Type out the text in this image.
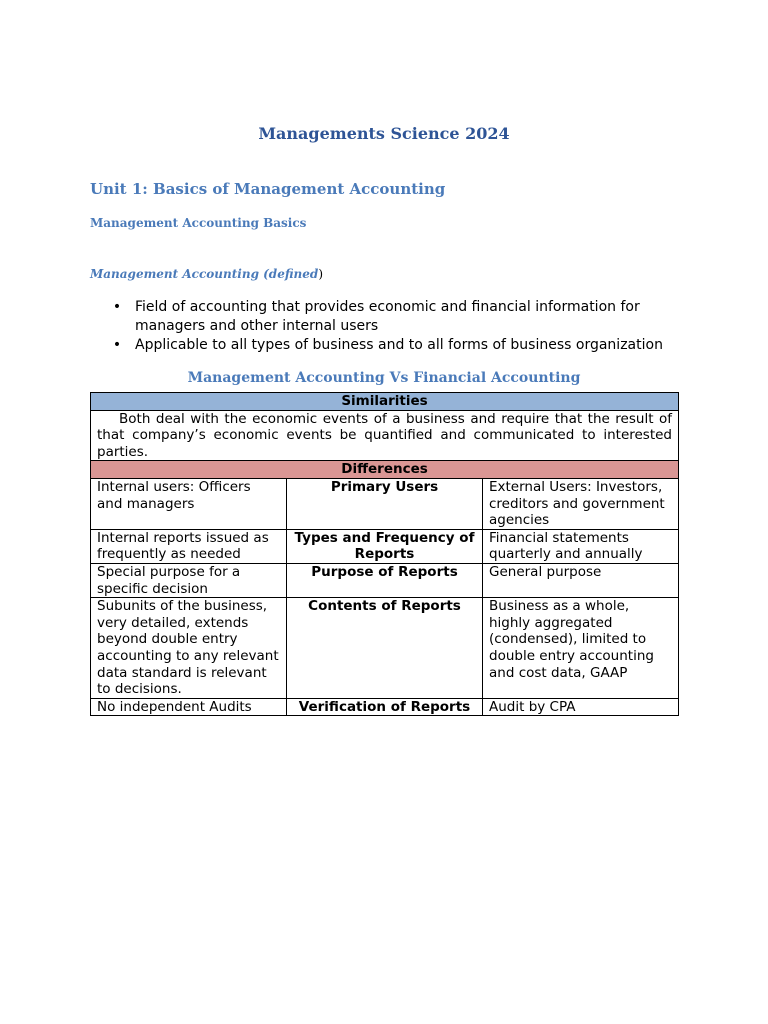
Managements Science 2024
Unit 1: Basics of Management Accounting
Management Accounting Basics
Management Accounting (defined)
• Field of accounting that provides economic and financial information for managers and other internal users
• Applicable to all types of business and to all forms of business organization
Management Accounting Vs Financial Accounting
Similarities		
Both deal with the economic events of a business and require that the result of that company’s economic events be quantified and communicated to interested parties.		
Differences		
Internal users: Officers and managers	Primary Users	External Users: Investors, creditors and government agencies
Internal reports issued as frequently as needed	Types and Frequency of Reports	Financial statements quarterly and annually
Special purpose for a specific decision	Purpose of Reports	General purpose
Subunits of the business, very detailed, extends beyond double entry accounting to any relevant data standard is relevant to decisions.	Contents of Reports	Business as a whole, highly aggregated (condensed), limited to double entry accounting and cost data, GAAP
No independent Audits	Verification of Reports	Audit by CPA
